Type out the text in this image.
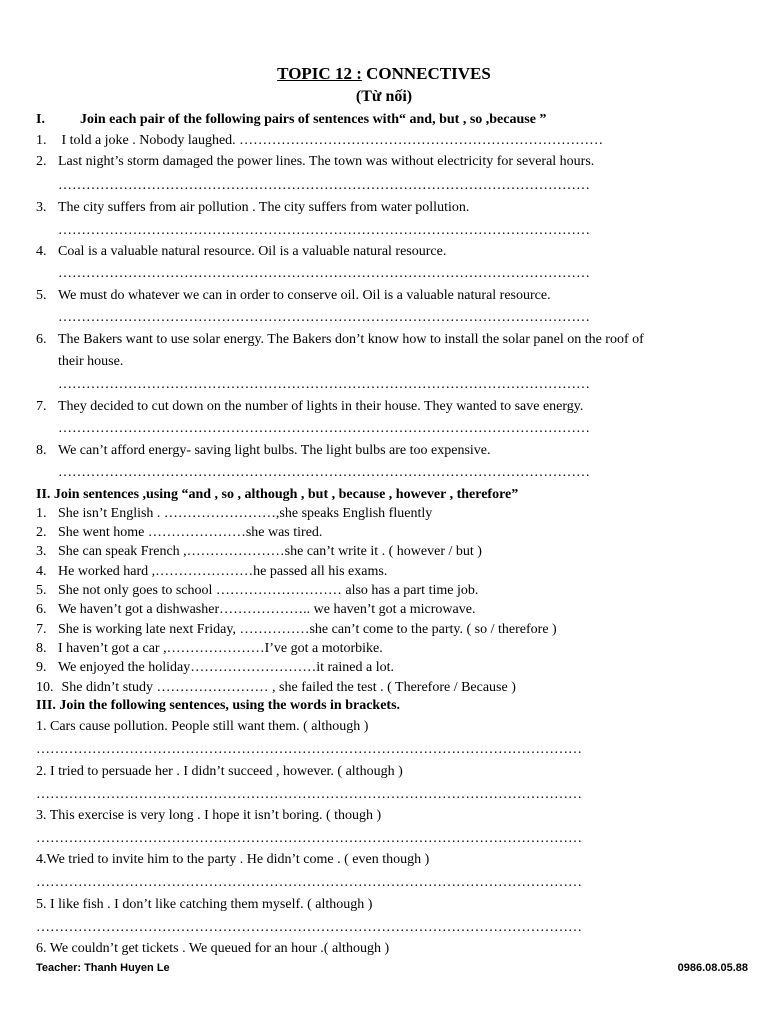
TOPIC 12 : CONNECTIVES
(Từ nối)
I.	Join each pair of the following pairs of sentences with“ and, but , so ,because ”
1. I told a joke . Nobody laughed. ……………………………………………………………………
2. Last night’s storm damaged the power lines. The town was without electricity for several hours.
……………………………………………………………………………………………………
3. The city suffers from air pollution . The city suffers from water pollution.
……………………………………………………………………………………………………
4. Coal is a valuable natural resource. Oil is a valuable natural resource.
……………………………………………………………………………………………………
5. We must do whatever we can in order to conserve oil. Oil is a valuable natural resource.
……………………………………………………………………………………………………
6. The Bakers want to use solar energy. The Bakers don’t know how to install the solar panel on the roof of
their house.
……………………………………………………………………………………………………
7. They decided to cut down on the number of lights in their house. They wanted to save energy.
……………………………………………………………………………………………………
8. We can’t afford energy- saving light bulbs. The light bulbs are too expensive.
……………………………………………………………………………………………………
II. Join sentences ,using “and , so , although , but , because , however , therefore”
1. She isn’t English . ……………………,she speaks English fluently
2. She went home …………………she was tired.
3. She can speak French ,…………………she can’t write it . ( however / but )
4. He worked hard ,…………………he passed all his exams.
5. She not only goes to school ……………………… also has a part time job.
6. We haven’t got a dishwasher……………….. we haven’t got a microwave.
7. She is working late next Friday, ……………she can’t come to the party. ( so / therefore )
8. I haven’t got a car ,…………………I’ve got a motorbike.
9. We enjoyed the holiday………………………it rained a lot.
10. She didn’t study …………………… , she failed the test . ( Therefore / Because )
III. Join the following sentences, using the words in brackets.
1. Cars cause pollution. People still want them. ( although )
………………………………………………………………………………………………………
2. I tried to persuade her . I didn’t succeed , however. ( although )
………………………………………………………………………………………………………
3. This exercise is very long . I hope it isn’t boring. ( though )
………………………………………………………………………………………………………
4.We tried to invite him to the party . He didn’t come . ( even though )
………………………………………………………………………………………………………
5. I like fish . I don’t like catching them myself. ( although )
………………………………………………………………………………………………………
6. We couldn’t get tickets . We queued for an hour .( although )
Teacher: Thanh Huyen Le	0986.08.05.88
